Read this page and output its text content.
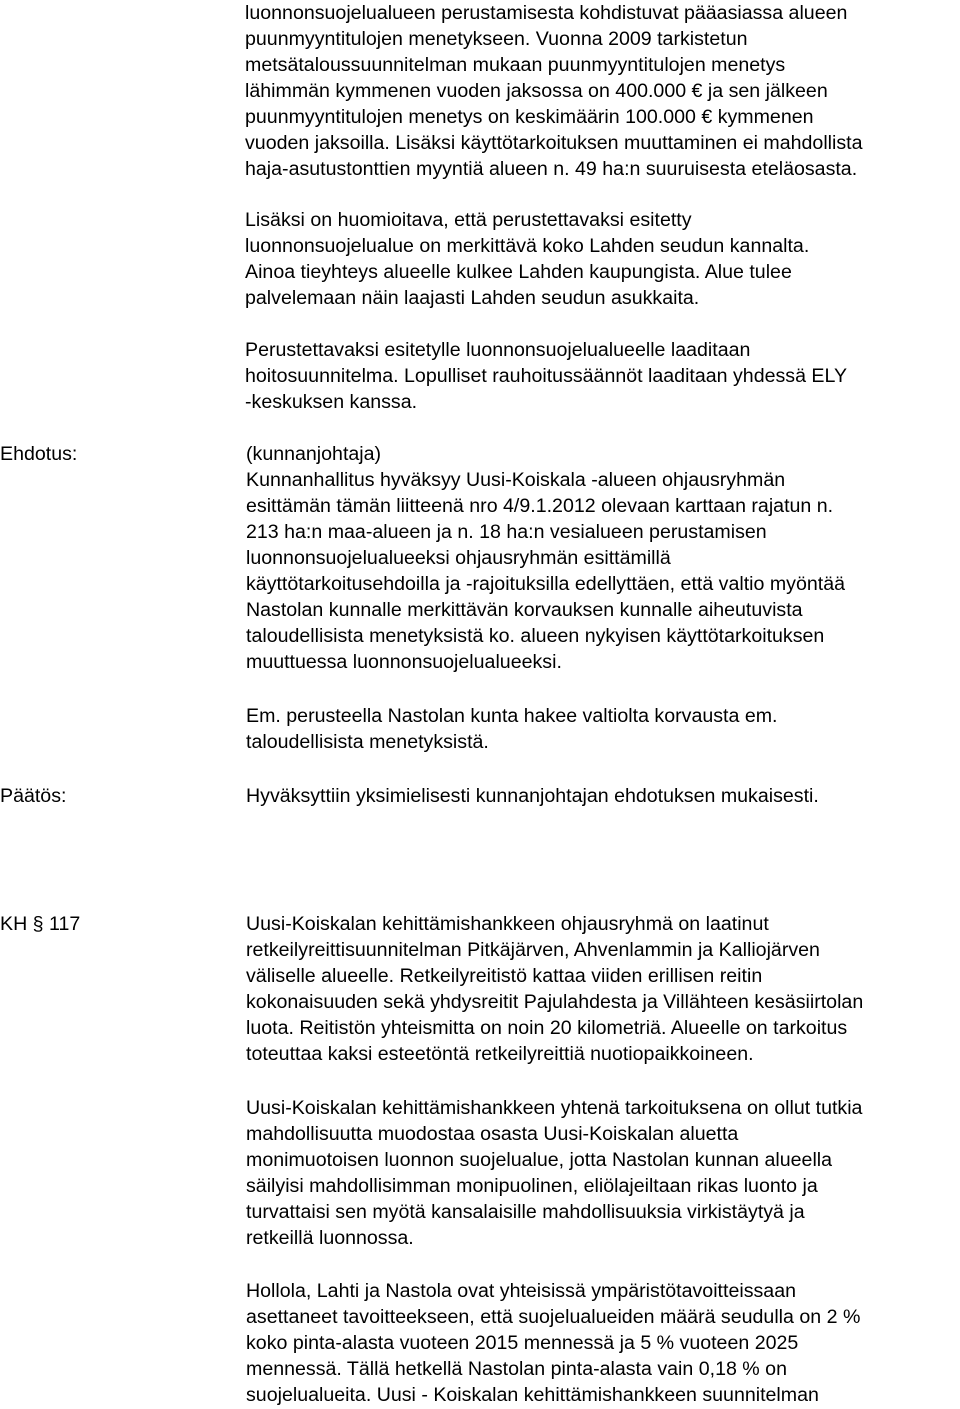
luonnonsuojelualueen perustamisesta kohdistuvat pääasiassa alueen

puunmyyntitulojen menetykseen. Vuonna 2009 tarkistetun

metsätaloussuunnitelman mukaan puunmyyntitulojen menetys

lähimmän kymmenen vuoden jaksossa on 400.000 € ja sen jälkeen

puunmyyntitulojen menetys on keskimäärin 100.000 € kymmenen

vuoden jaksoilla. Lisäksi käyttötarkoituksen muuttaminen ei mahdollista

haja-asutustonttien myyntiä alueen n. 49 ha:n suuruisesta eteläosasta.

Lisäksi on huomioitava, että perustettavaksi esitetty

luonnonsuojelualue on merkittävä koko Lahden seudun kannalta.

Ainoa tieyhteys alueelle kulkee Lahden kaupungista. Alue tulee

palvelemaan näin laajasti Lahden seudun asukkaita.

Perustettavaksi esitetylle luonnonsuojelualueelle laaditaan

hoitosuunnitelma. Lopulliset rauhoitussäännöt laaditaan yhdessä ELY

-keskuksen kanssa.

Ehdotus:	(kunnanjohtaja)

Kunnanhallitus hyväksyy Uusi-Koiskala -alueen ohjausryhmän

esittämän tämän liitteenä nro 4/9.1.2012 olevaan karttaan rajatun n.

213 ha:n maa-alueen ja n. 18 ha:n vesialueen perustamisen

luonnonsuojelualueeksi ohjausryhmän esittämillä

käyttötarkoitusehdoilla ja -rajoituksilla edellyttäen, että valtio myöntää

Nastolan kunnalle merkittävän korvauksen kunnalle aiheutuvista

taloudellisista menetyksistä ko. alueen nykyisen käyttötarkoituksen

muuttuessa luonnonsuojelualueeksi.

Em. perusteella Nastolan kunta hakee valtiolta korvausta em.

taloudellisista menetyksistä.

Päätös:	Hyväksyttiin yksimielisesti kunnanjohtajan ehdotuksen mukaisesti.

KH § 117	Uusi-Koiskalan kehittämishankkeen ohjausryhmä on laatinut

retkeilyreittisuunnitelman Pitkäjärven, Ahvenlammin ja Kalliojärven

väliselle alueelle. Retkeilyreitistö kattaa viiden erillisen reitin

kokonaisuuden sekä yhdysreitit Pajulahdesta ja Villähteen kesäsiirtolan

luota. Reitistön yhteismitta on noin 20 kilometriä. Alueelle on tarkoitus

toteuttaa kaksi esteetöntä retkeilyreittiä nuotiopaikkoineen.

Uusi-Koiskalan kehittämishankkeen yhtenä tarkoituksena on ollut tutkia

mahdollisuutta muodostaa osasta Uusi-Koiskalan aluetta

monimuotoisen luonnon suojelualue, jotta Nastolan kunnan alueella

säilyisi mahdollisimman monipuolinen, eliölajeiltaan rikas luonto ja

turvattaisi sen myötä kansalaisille mahdollisuuksia virkistäytyä ja

retkeillä luonnossa.

Hollola, Lahti ja Nastola ovat yhteisissä ympäristötavoitteissaan

asettaneet tavoitteekseen, että suojelualueiden määrä seudulla on 2 %

koko pinta-alasta vuoteen 2015 mennessä ja 5 % vuoteen 2025

mennessä. Tällä hetkellä Nastolan pinta-alasta vain 0,18 % on

suojelualueita. Uusi - Koiskalan kehittämishankkeen suunnitelman
